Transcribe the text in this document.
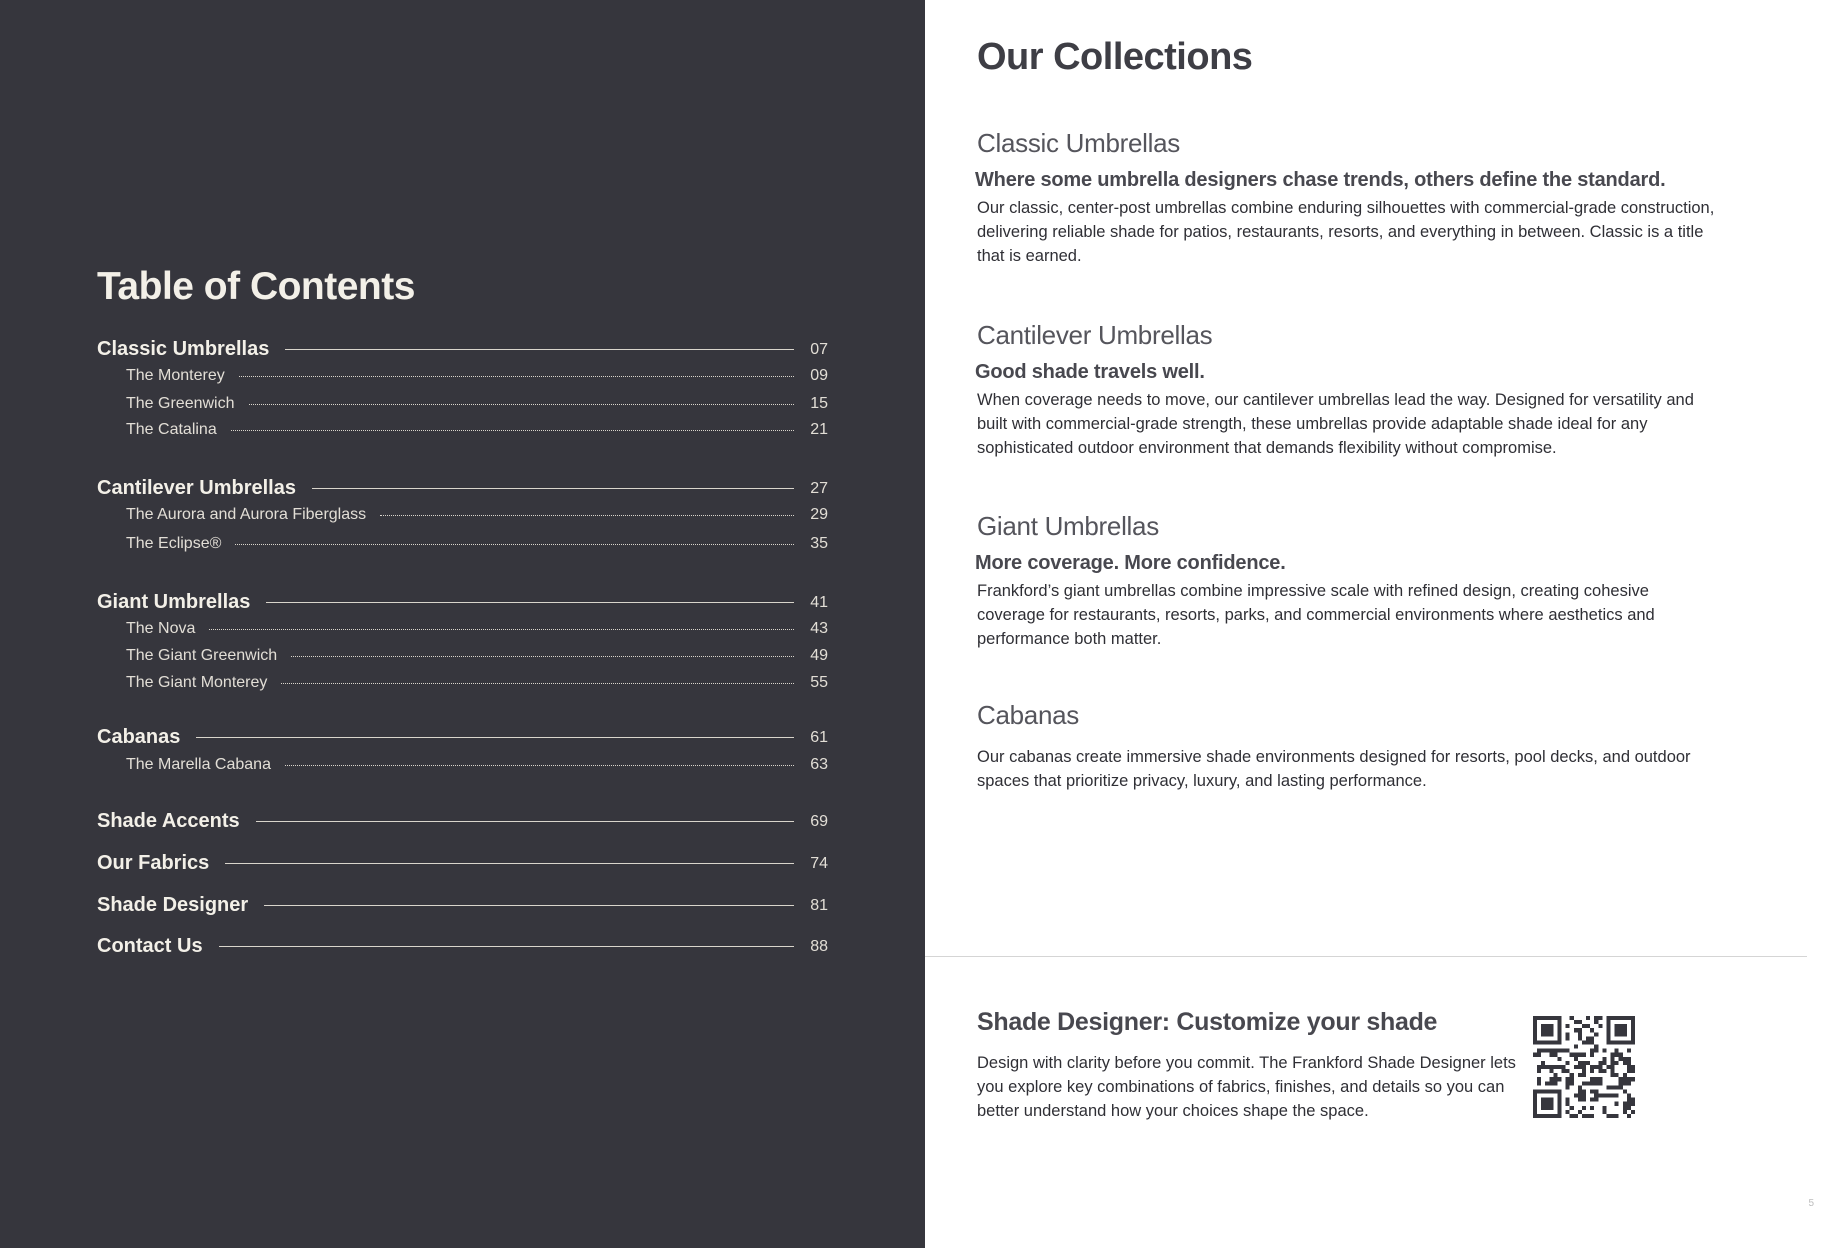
Table of Contents
Classic Umbrellas	07
The Monterey	09
The Greenwich	15
The Catalina	21
Cantilever Umbrellas	27
The Aurora and Aurora Fiberglass	29
The Eclipse®	35
Giant Umbrellas	41
The Nova	43
The Giant Greenwich	49
The Giant Monterey	55
Cabanas	61
The Marella Cabana	63
Shade Accents	69
Our Fabrics	74
Shade Designer	81
Contact Us	88
Our Collections
Classic Umbrellas
Where some umbrella designers chase trends, others define the standard.

Our classic, center-post umbrellas combine enduring silhouettes with commercial-grade construction, delivering reliable shade for patios, restaurants, resorts, and everything in between. Classic is a title that is earned.

Cantilever Umbrellas
Good shade travels well.

When coverage needs to move, our cantilever umbrellas lead the way. Designed for versatility and built with commercial-grade strength, these umbrellas provide adaptable shade ideal for any sophisticated outdoor environment that demands flexibility without compromise.

Giant Umbrellas
More coverage. More confidence.

Frankford’s giant umbrellas combine impressive scale with refined design, creating cohesive coverage for restaurants, resorts, parks, and commercial environments where aesthetics and performance both matter.

Cabanas

Our cabanas create immersive shade environments designed for resorts, pool decks, and outdoor spaces that prioritize privacy, luxury, and lasting performance.

Shade Designer: Customize your shade

Design with clarity before you commit. The Frankford Shade Designer lets you explore key combinations of fabrics, finishes, and details so you can better understand how your choices shape the space.

5
